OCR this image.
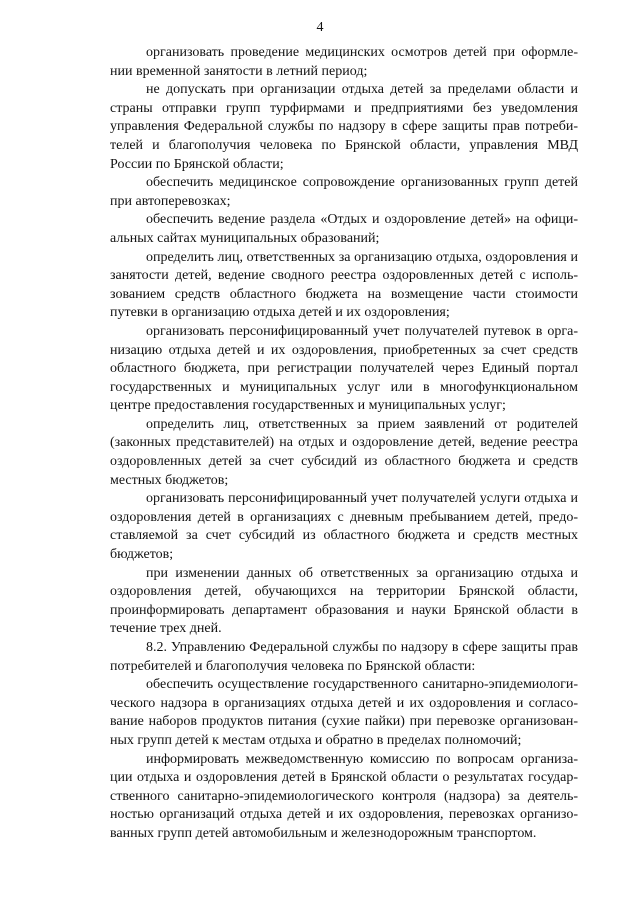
4

организовать проведение медицинских осмотров детей при оформле-нии временной занятости в летний период;

не допускать при организации отдыха детей за пределами области и страны отправки групп турфирмами и предприятиями без уведомления управления Федеральной службы по надзору в сфере защиты прав потреби-телей и благополучия человека по Брянской области, управления МВД России по Брянской области;

обеспечить медицинское сопровождение организованных групп детей при автоперевозках;

обеспечить ведение раздела «Отдых и оздоровление детей» на офици-альных сайтах муниципальных образований;

определить лиц, ответственных за организацию отдыха, оздоровления и занятости детей, ведение сводного реестра оздоровленных детей с исполь-зованием средств областного бюджета на возмещение части стоимости путевки в организацию отдыха детей и их оздоровления;

организовать персонифицированный учет получателей путевок в орга-низацию отдыха детей и их оздоровления, приобретенных за счет средств областного бюджета, при регистрации получателей через Единый портал государственных и муниципальных услуг или в многофункциональном центре предоставления государственных и муниципальных услуг;

определить лиц, ответственных за прием заявлений от родителей (законных представителей) на отдых и оздоровление детей, ведение реестра оздоровленных детей за счет субсидий из областного бюджета и средств местных бюджетов;

организовать персонифицированный учет получателей услуги отдыха и оздоровления детей в организациях с дневным пребыванием детей, предо-ставляемой за счет субсидий из областного бюджета и средств местных бюджетов;

при изменении данных об ответственных за организацию отдыха и оздоровления детей, обучающихся на территории Брянской области, проинформировать департамент образования и науки Брянской области в течение трех дней.

8.2. Управлению Федеральной службы по надзору в сфере защиты прав потребителей и благополучия человека по Брянской области:

обеспечить осуществление государственного санитарно-эпидемиологи-ческого надзора в организациях отдыха детей и их оздоровления и согласо-вание наборов продуктов питания (сухие пайки) при перевозке организован-ных групп детей к местам отдыха и обратно в пределах полномочий;

информировать межведомственную комиссию по вопросам организа-ции отдыха и оздоровления детей в Брянской области о результатах государ-ственного санитарно-эпидемиологического контроля (надзора) за деятель-ностью организаций отдыха детей и их оздоровления, перевозках организо-ванных групп детей автомобильным и железнодорожным транспортом.
